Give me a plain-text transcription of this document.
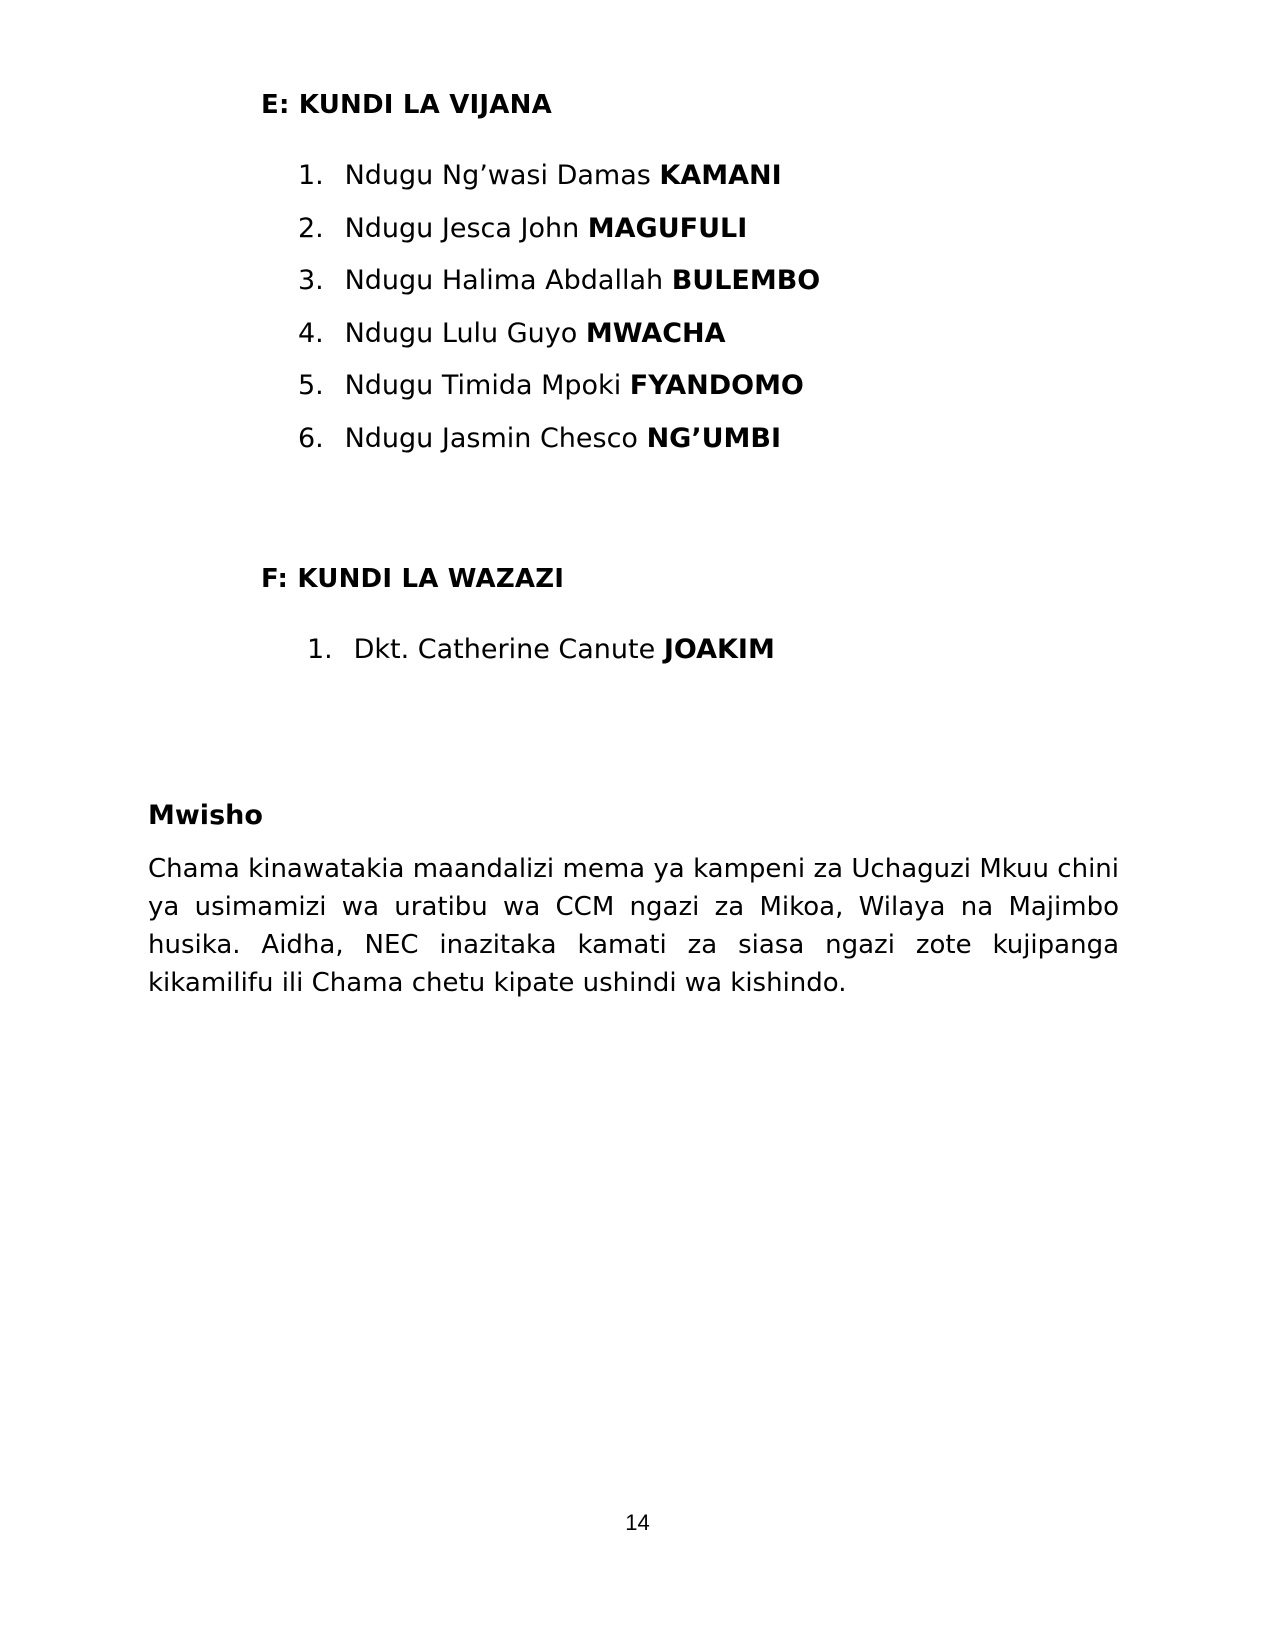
E: KUNDI LA VIJANA
1. Ndugu Ng’wasi Damas KAMANI
2. Ndugu Jesca John MAGUFULI
3. Ndugu Halima Abdallah BULEMBO
4. Ndugu Lulu Guyo MWACHA
5. Ndugu Timida Mpoki FYANDOMO
6. Ndugu Jasmin Chesco NG’UMBI
F: KUNDI LA WAZAZI
1. Dkt. Catherine Canute JOAKIM
Mwisho

Chama kinawatakia maandalizi mema ya kampeni za Uchaguzi Mkuu chini ya usimamizi wa uratibu wa CCM ngazi za Mikoa, Wilaya na Majimbo husika. Aidha, NEC inazitaka kamati za siasa ngazi zote kujipanga kikamilifu ili Chama chetu kipate ushindi wa kishindo.

14
